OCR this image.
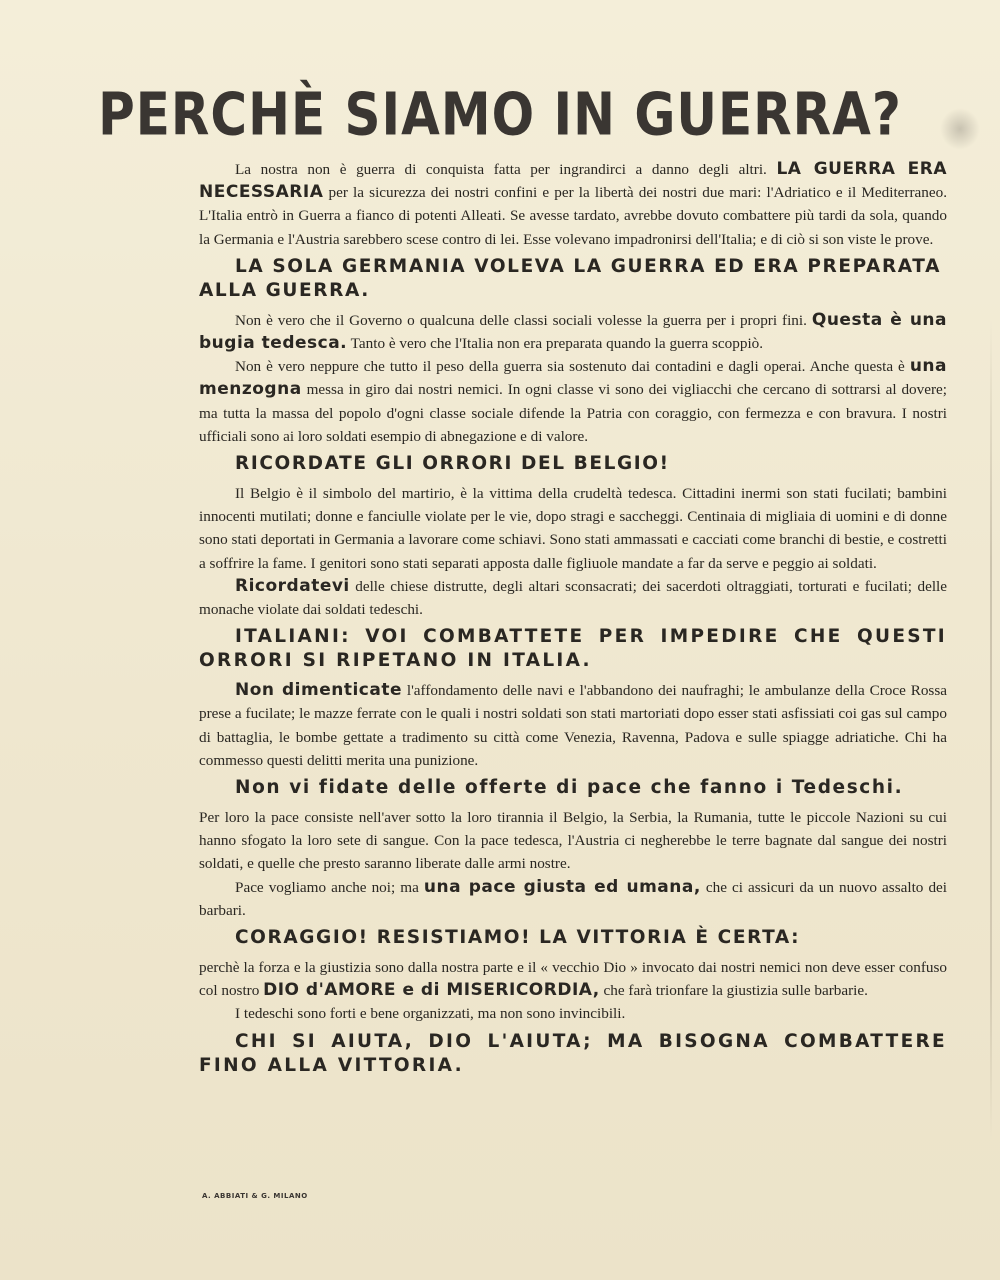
PERCHÈ SIAMO IN GUERRA?

La nostra non è guerra di conquista fatta per ingrandirci a danno degli altri. LA GUERRA ERA NECESSARIA per la sicurezza dei nostri confini e per la libertà dei nostri due mari: l'Adriatico e il Mediterraneo. L'Italia entrò in Guerra a fianco di potenti Alleati. Se avesse tardato, avrebbe dovuto combattere più tardi da sola, quando la Germania e l'Austria sarebbero scese contro di lei. Esse volevano impadronirsi dell'Italia; e di ciò si son viste le prove.

LA SOLA GERMANIA VOLEVA LA GUERRA ED ERA PREPARATA ALLA GUERRA.

Non è vero che il Governo o qualcuna delle classi sociali volesse la guerra per i propri fini. Questa è una bugia tedesca. Tanto è vero che l'Italia non era preparata quando la guerra scoppiò.

Non è vero neppure che tutto il peso della guerra sia sostenuto dai contadini e dagli operai. Anche questa è una menzogna messa in giro dai nostri nemici. In ogni classe vi sono dei vigliacchi che cercano di sottrarsi al dovere; ma tutta la massa del popolo d'ogni classe sociale difende la Patria con coraggio, con fermezza e con bravura. I nostri ufficiali sono ai loro soldati esempio di abnegazione e di valore.

RICORDATE GLI ORRORI DEL BELGIO!

Il Belgio è il simbolo del martirio, è la vittima della crudeltà tedesca. Cittadini inermi son stati fucilati; bambini innocenti mutilati; donne e fanciulle violate per le vie, dopo stragi e saccheggi. Centinaia di migliaia di uomini e di donne sono stati deportati in Germania a lavorare come schiavi. Sono stati ammassati e cacciati come branchi di bestie, e costretti a soffrire la fame. I genitori sono stati separati apposta dalle figliuole mandate a far da serve e peggio ai soldati.

Ricordatevi delle chiese distrutte, degli altari sconsacrati; dei sacerdoti oltraggiati, torturati e fucilati; delle monache violate dai soldati tedeschi.

ITALIANI: VOI COMBATTETE PER IMPEDIRE CHE QUESTI ORRORI SI RIPETANO IN ITALIA.

Non dimenticate l'affondamento delle navi e l'abbandono dei naufraghi; le ambulanze della Croce Rossa prese a fucilate; le mazze ferrate con le quali i nostri soldati son stati martoriati dopo esser stati asfissiati coi gas sul campo di battaglia, le bombe gettate a tradimento su città come Venezia, Ravenna, Padova e sulle spiagge adriatiche. Chi ha commesso questi delitti merita una punizione.

Non vi fidate delle offerte di pace che fanno i Tedeschi.

Per loro la pace consiste nell'aver sotto la loro tirannia il Belgio, la Serbia, la Rumania, tutte le piccole Nazioni su cui hanno sfogato la loro sete di sangue. Con la pace tedesca, l'Austria ci negherebbe le terre bagnate dal sangue dei nostri soldati, e quelle che presto saranno liberate dalle armi nostre.

Pace vogliamo anche noi; ma una pace giusta ed umana, che ci assicuri da un nuovo assalto dei barbari.

CORAGGIO! RESISTIAMO! LA VITTORIA È CERTA:

perchè la forza e la giustizia sono dalla nostra parte e il « vecchio Dio » invocato dai nostri nemici non deve esser confuso col nostro DIO d'AMORE e di MISERICORDIA, che farà trionfare la giustizia sulle barbarie.

I tedeschi sono forti e bene organizzati, ma non sono invincibili.

CHI SI AIUTA, DIO L'AIUTA; MA BISOGNA COMBATTERE FINO ALLA VITTORIA.
A. ABBIATI & G. MILANO
